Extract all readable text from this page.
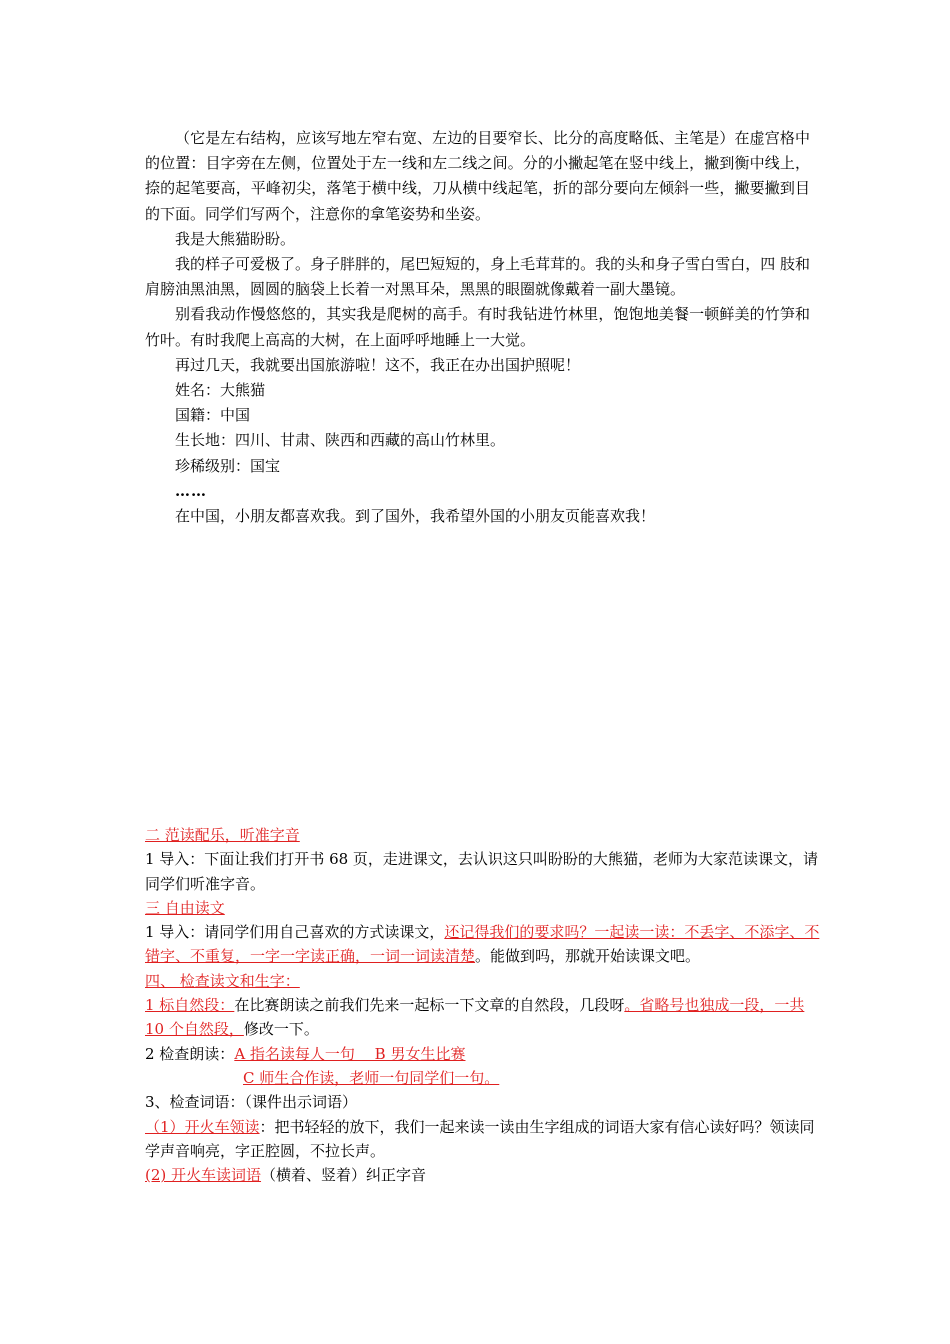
（它是左右结构，应该写地左窄右宽、左边的目要窄长、比分的高度略低、主笔是）在虚宫格中的位置：目字旁在左侧，位置处于左一线和左二线之间。分的小撇起笔在竖中线上，撇到衡中线上，捺的起笔要高，平峰初尖，落笔于横中线，刀从横中线起笔，折的部分要向左倾斜一些，撇要撇到目的下面。同学们写两个，注意你的拿笔姿势和坐姿。

我是大熊猫盼盼。

我的样子可爱极了。身子胖胖的，尾巴短短的，身上毛茸茸的。我的头和身子雪白雪白，四 肢和肩膀油黑油黑，圆圆的脑袋上长着一对黑耳朵，黑黑的眼圈就像戴着一副大墨镜。

别看我动作慢悠悠的，其实我是爬树的高手。有时我钻进竹林里，饱饱地美餐一顿鲜美的竹笋和竹叶。有时我爬上高高的大树，在上面呼呼地睡上一大觉。

再过几天，我就要出国旅游啦！这不，我正在办出国护照呢！

姓名：大熊猫

国籍：中国

生长地：四川、甘肃、陕西和西藏的高山竹林里。

珍稀级别：国宝

……

在中国，小朋友都喜欢我。到了国外，我希望外国的小朋友页能喜欢我！

二 范读配乐，听准字音

1 导入：下面让我们打开书 68 页，走进课文，去认识这只叫盼盼的大熊猫，老师为大家范读课文，请同学们听准字音。

三 自由读文

1 导入：请同学们用自己喜欢的方式读课文，还记得我们的要求吗？一起读一读：不丢字、不添字、不错字、不重复，一字一字读正确，一词一词读清楚。能做到吗，那就开始读课文吧。

四、 检查读文和生字：

1 标自然段：在比赛朗读之前我们先来一起标一下文章的自然段，几段呀。省略号也独成一段，一共 10 个自然段，修改一下。

2 检查朗读：A 指名读每人一句 　B 男女生比赛

C 师生合作读，老师一句同学们一句。

3、检查词语：（课件出示词语）

（1）开火车领读：把书轻轻的放下，我们一起来读一读由生字组成的词语大家有信心读好吗？领读同学声音响亮，字正腔圆，不拉长声。

(2) 开火车读词语（横着、竖着）纠正字音
